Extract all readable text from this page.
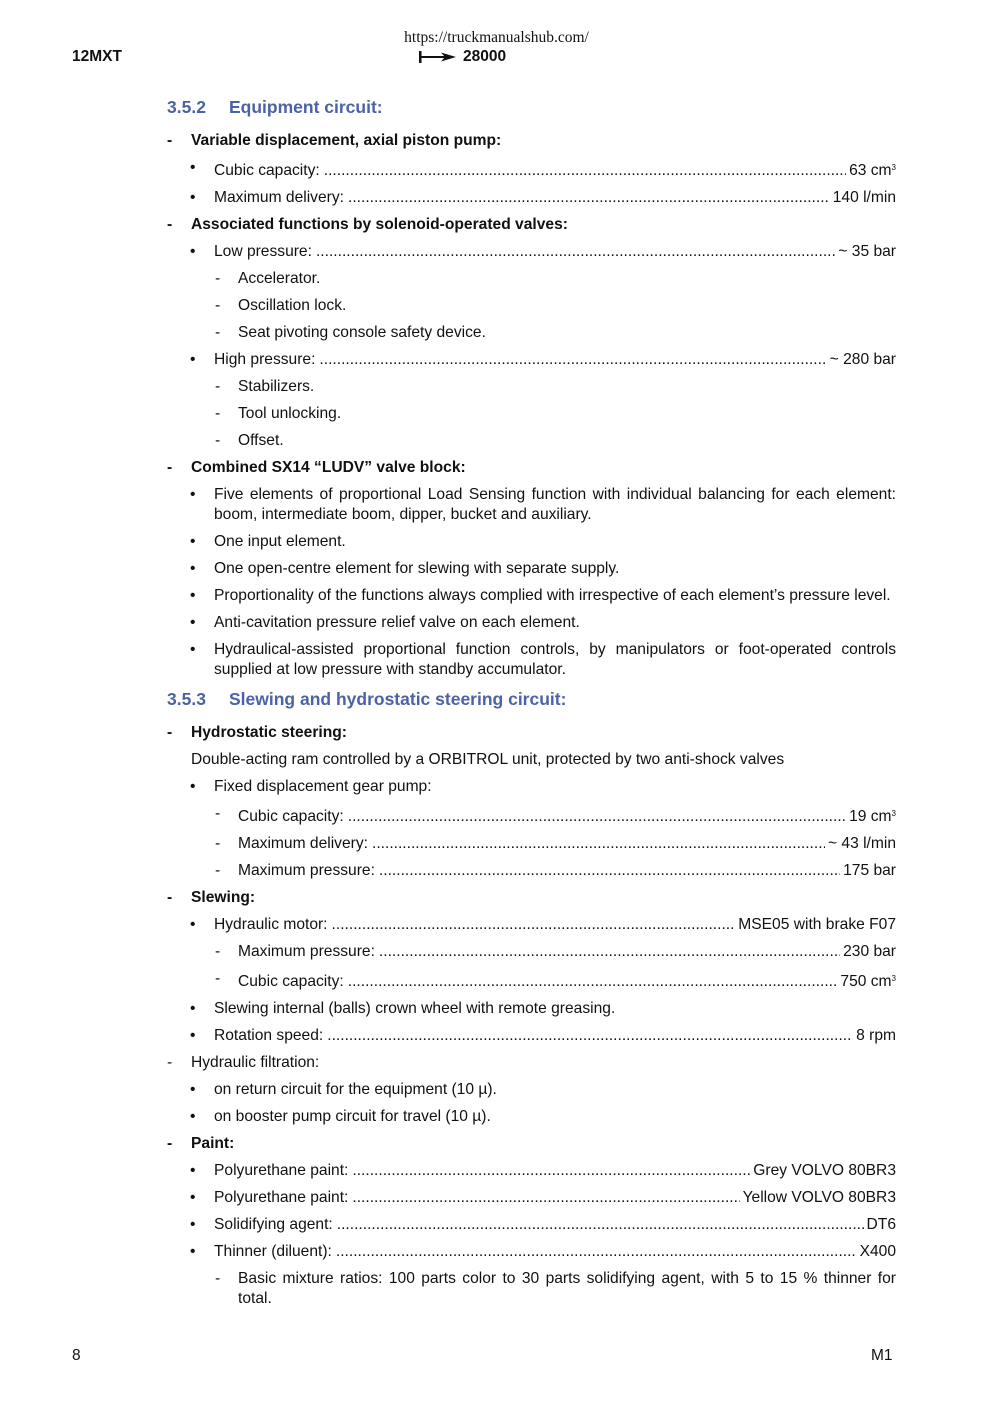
https://truckmanualshub.com/
12MXT	28000
3.5.2 Equipment circuit:
- Variable displacement, axial piston pump:
• Cubic capacity: .....	63 $cm^3$
• Maximum delivery: .....	140 l/min
- Associated functions by solenoid-operated valves:
• Low pressure: .....	~ 35 bar
- Accelerator.
- Oscillation lock.
- Seat pivoting console safety device.
• High pressure: .....	~ 280 bar
- Stabilizers.
- Tool unlocking.
- Offset.
- Combined SX14 “LUDV” valve block:
• Five elements of proportional Load Sensing function with individual balancing for each element: boom, intermediate boom, dipper, bucket and auxiliary.
• One input element.
• One open-centre element for slewing with separate supply.
• Proportionality of the functions always complied with irrespective of each element’s pressure level.
• Anti-cavitation pressure relief valve on each element.
• Hydraulical-assisted proportional function controls, by manipulators or foot-operated controls supplied at low pressure with standby accumulator.
3.5.3 Slewing and hydrostatic steering circuit:
- Hydrostatic steering:
Double-acting ram controlled by a ORBITROL unit, protected by two anti-shock valves
• Fixed displacement gear pump:
- Cubic capacity: .....	19 $cm^3$
- Maximum delivery: .....	~ 43 l/min
- Maximum pressure: .....	175 bar
- Slewing:
• Hydraulic motor: .....	MSE05 with brake F07
- Maximum pressure: .....	230 bar
- Cubic capacity: .....	750 $cm^3$
• Slewing internal (balls) crown wheel with remote greasing.
• Rotation speed: .....	8 rpm
- Hydraulic filtration:
• on return circuit for the equipment (10 µ).
• on booster pump circuit for travel (10 µ).
- Paint:
• Polyurethane paint: .....	Grey VOLVO 80BR3
• Polyurethane paint: .....	Yellow VOLVO 80BR3
• Solidifying agent: .....	DT6
• Thinner (diluent): .....	X400
- Basic mixture ratios: 100 parts color to 30 parts solidifying agent, with 5 to 15 % thinner for total.
8	M1
